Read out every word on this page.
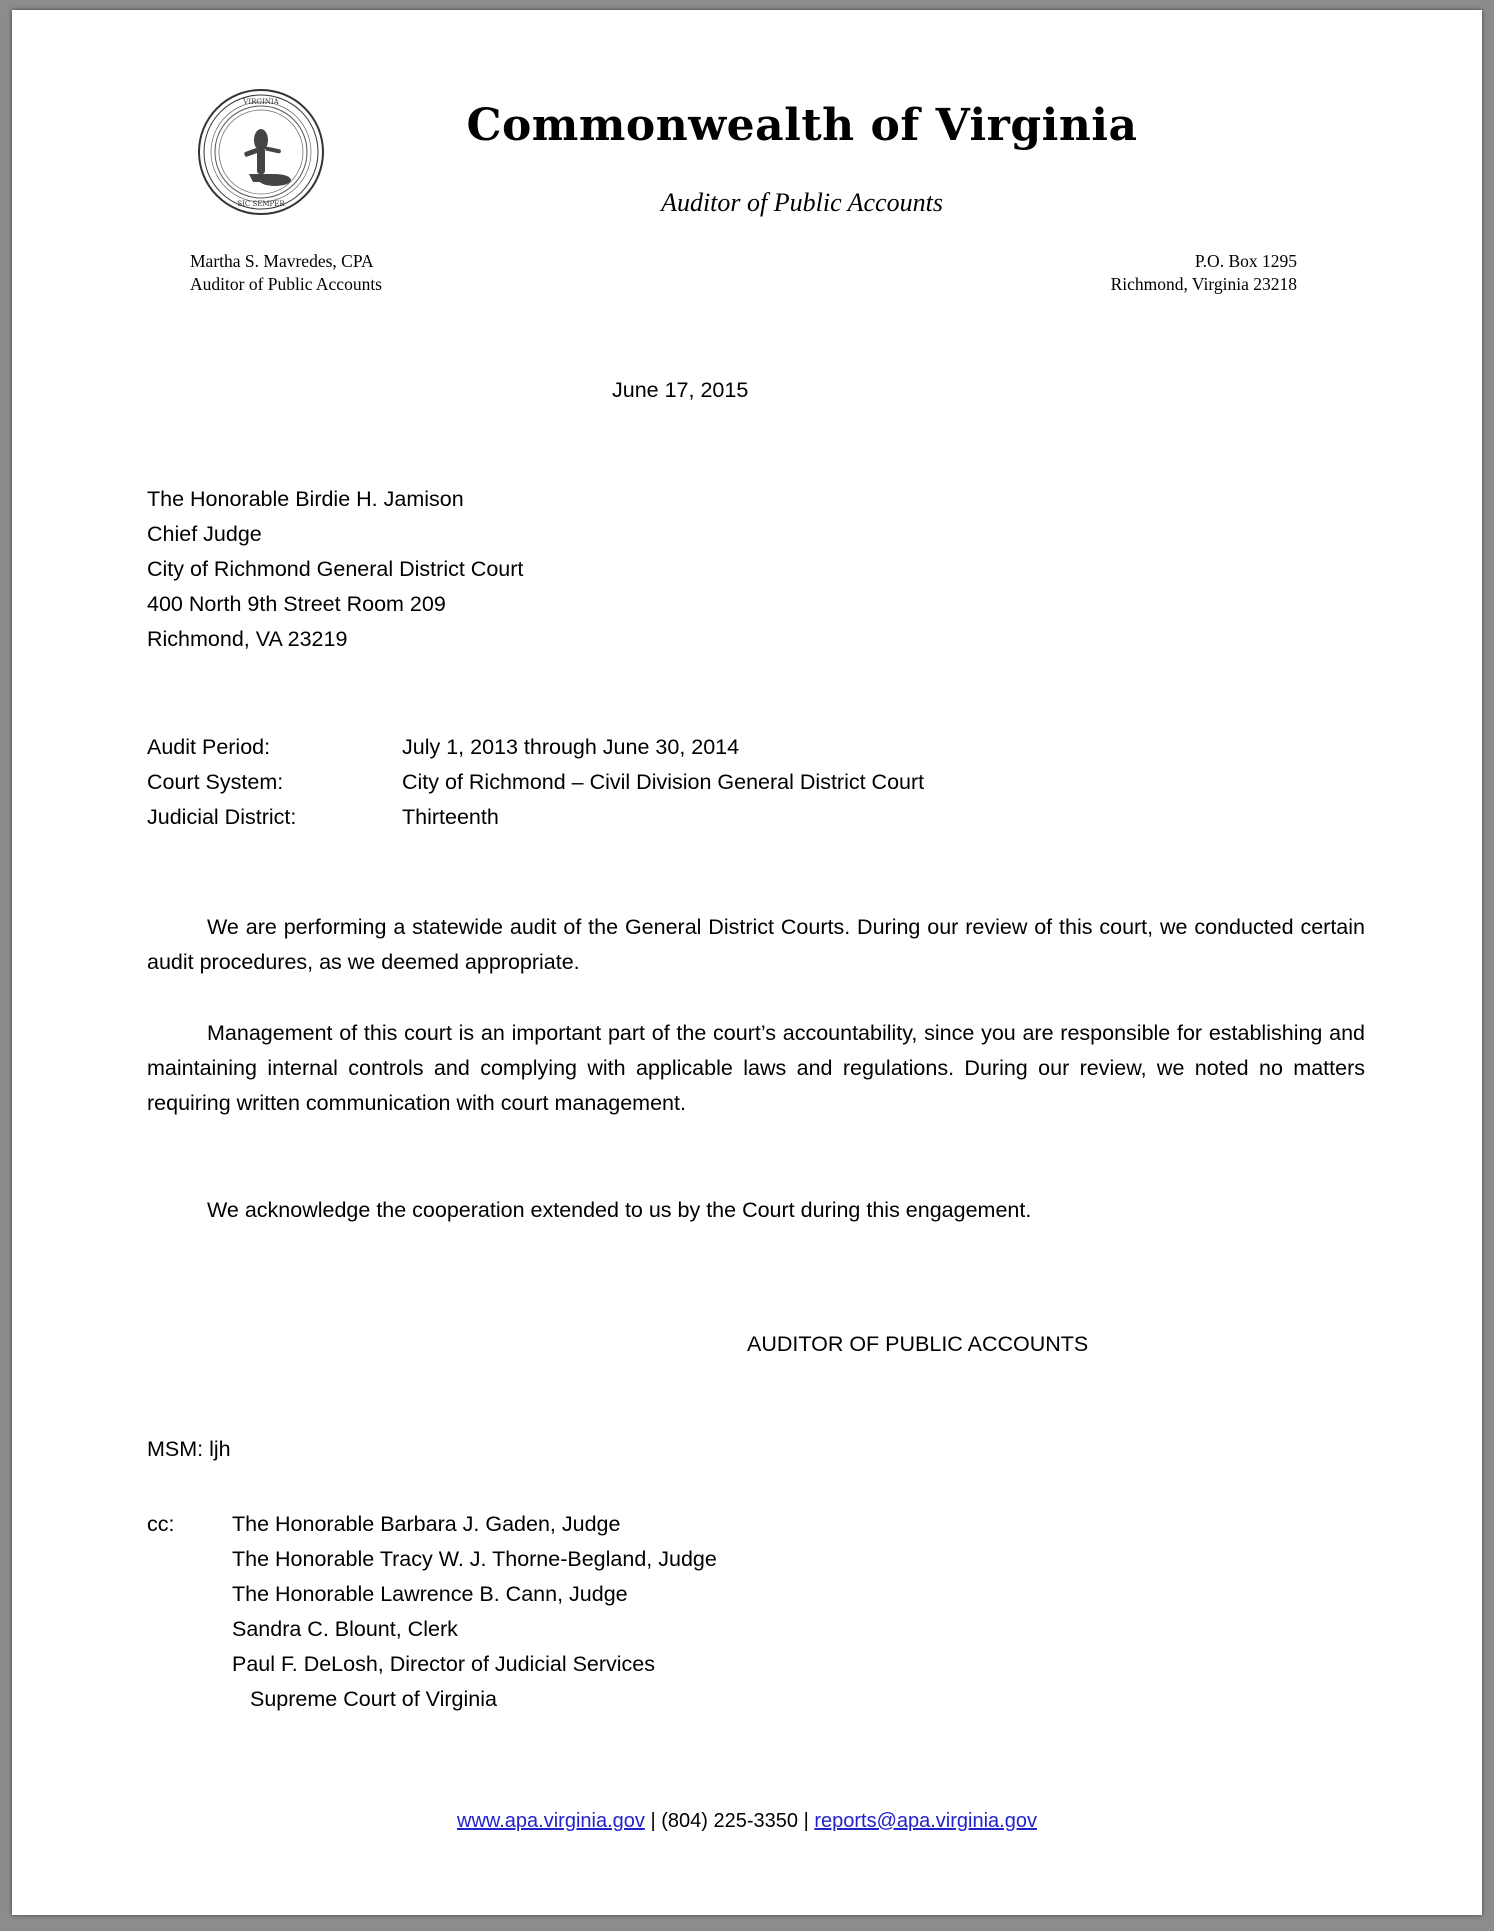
VIRGINIA
SIC SEMPER
Commonwealth of Virginia
Auditor of Public Accounts
Martha S. Mavredes, CPA
Auditor of Public Accounts
P.O. Box 1295
Richmond, Virginia 23218
June 17, 2015
The Honorable Birdie H. Jamison
Chief Judge
City of Richmond General District Court
400 North 9th Street Room 209
Richmond, VA 23219
Audit Period:	July 1, 2013 through June 30, 2014
Court System:	City of Richmond – Civil Division General District Court
Judicial District:	Thirteenth
We are performing a statewide audit of the General District Courts. During our review of this court, we conducted certain audit procedures, as we deemed appropriate.
Management of this court is an important part of the court’s accountability, since you are responsible for establishing and maintaining internal controls and complying with applicable laws and regulations. During our review, we noted no matters requiring written communication with court management.
We acknowledge the cooperation extended to us by the Court during this engagement.
AUDITOR OF PUBLIC ACCOUNTS
MSM: ljh
cc:	The Honorable Barbara J. Gaden, Judge
The Honorable Tracy W. J. Thorne-Begland, Judge
The Honorable Lawrence B. Cann, Judge
Sandra C. Blount, Clerk
Paul F. DeLosh, Director of Judicial Services
Supreme Court of Virginia
www.apa.virginia.gov | (804) 225-3350 | reports@apa.virginia.gov
